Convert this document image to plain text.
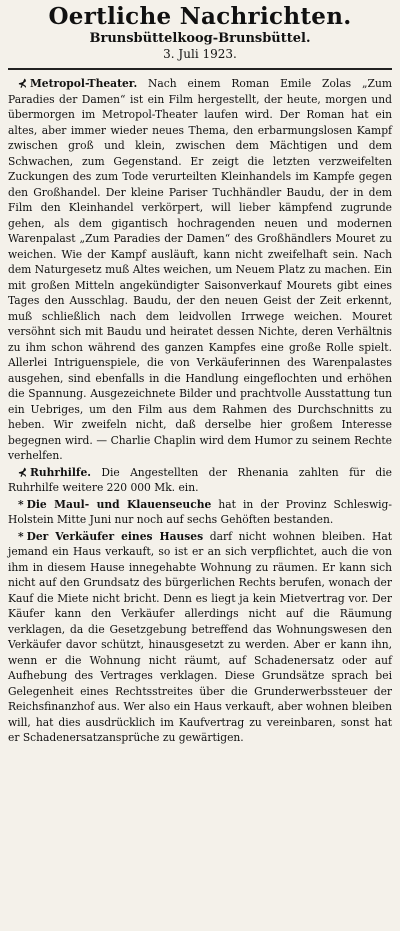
Oertliche Nachrichten.
Brunsbüttelkoog-Brunsbüttel.
3. Juli 1923.

⊀ Metropol-Theater. Nach einem Roman Emile Zolas „Zum Paradies der Damen“ ist ein Film hergestellt, der heute, morgen und übermorgen im Metropol-Theater laufen wird. Der Roman hat ein altes, aber immer wieder neues Thema, den erbarmungslosen Kampf zwischen groß und klein, zwischen dem Mächtigen und dem Schwachen, zum Gegenstand. Er zeigt die letzten verzweifelten Zuckungen des zum Tode verurteilten Kleinhandels im Kampfe gegen den Großhandel. Der kleine Pariser Tuchhändler Baudu, der in dem Film den Kleinhandel verkörpert, will lieber kämpfend zugrunde gehen, als dem gigantisch hochragenden neuen und modernen Warenpalast „Zum Paradies der Damen“ des Großhändlers Mouret zu weichen. Wie der Kampf ausläuft, kann nicht zweifelhaft sein. Nach dem Naturgesetz muß Altes weichen, um Neuem Platz zu machen. Ein mit großen Mitteln angekündigter Saisonverkauf Mourets gibt eines Tages den Ausschlag. Baudu, der den neuen Geist der Zeit erkennt, muß schließlich nach dem leidvollen Irrwege weichen. Mouret versöhnt sich mit Baudu und heiratet dessen Nichte, deren Verhältnis zu ihm schon während des ganzen Kampfes eine große Rolle spielt. Allerlei Intriguenspiele, die von Verkäuferinnen des Warenpalastes ausgehen, sind ebenfalls in die Handlung eingeflochten und erhöhen die Spannung. Ausgezeichnete Bilder und prachtvolle Ausstattung tun ein Uebriges, um den Film aus dem Rahmen des Durchschnitts zu heben. Wir zweifeln nicht, daß derselbe hier großem Interesse begegnen wird. — Charlie Chaplin wird dem Humor zu seinem Rechte verhelfen.

⊀ Ruhrhilfe. Die Angestellten der Rhenania zahlten für die Ruhrhilfe weitere 220 000 Mk. ein.

* Die Maul- und Klauenseuche hat in der Provinz Schleswig-Holstein Mitte Juni nur noch auf sechs Gehöften bestanden.

* Der Verkäufer eines Hauses darf nicht wohnen bleiben. Hat jemand ein Haus verkauft, so ist er an sich verpflichtet, auch die von ihm in diesem Hause innegehabte Wohnung zu räumen. Er kann sich nicht auf den Grundsatz des bürgerlichen Rechts berufen, wonach der Kauf die Miete nicht bricht. Denn es liegt ja kein Mietvertrag vor. Der Käufer kann den Verkäufer allerdings nicht auf die Räumung verklagen, da die Gesetzgebung betreffend das Wohnungswesen den Verkäufer davor schützt, hinausgesetzt zu werden. Aber er kann ihn, wenn er die Wohnung nicht räumt, auf Schadenersatz oder auf Aufhebung des Vertrages verklagen. Diese Grundsätze sprach bei Gelegenheit eines Rechtsstreites über die Grunderwerbssteuer der Reichsfinanzhof aus. Wer also ein Haus verkauft, aber wohnen bleiben will, hat dies ausdrücklich im Kaufvertrag zu vereinbaren, sonst hat er Schadenersatzansprüche zu gewärtigen.
